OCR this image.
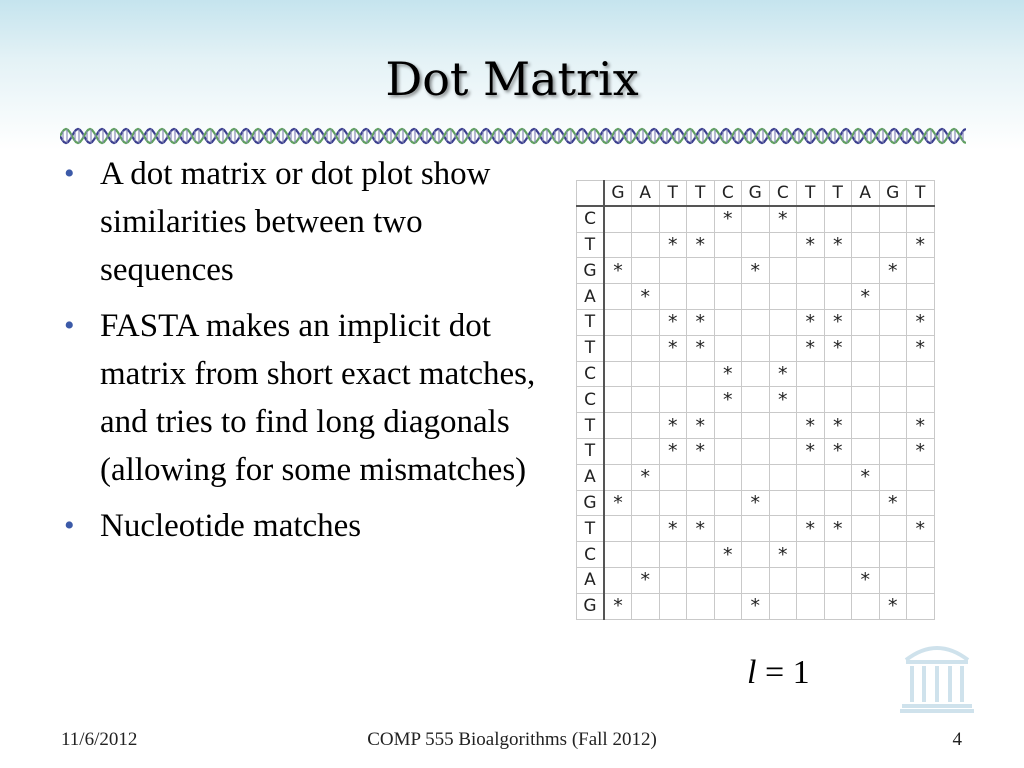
Dot Matrix
• A dot matrix or dot plot show similarities between two sequences
• FASTA makes an implicit dot matrix from short exact matches, and tries to find long diagonals (allowing for some mismatches)
• Nucleotide matches
	G	A	T	T	C	G	C	T	T	A	G	T
C					*		*					
T			*	*				*	*			*
G	*					*					*	
A		*								*		
T			*	*				*	*			*
T			*	*				*	*			*
C					*		*					
C					*		*					
T			*	*				*	*			*
T			*	*				*	*			*
A		*								*		
G	*					*					*	
T			*	*				*	*			*
C					*		*					
A		*								*		
G	*					*					*	
l = 1
11/6/2012	COMP 555 Bioalgorithms (Fall 2012)	4
